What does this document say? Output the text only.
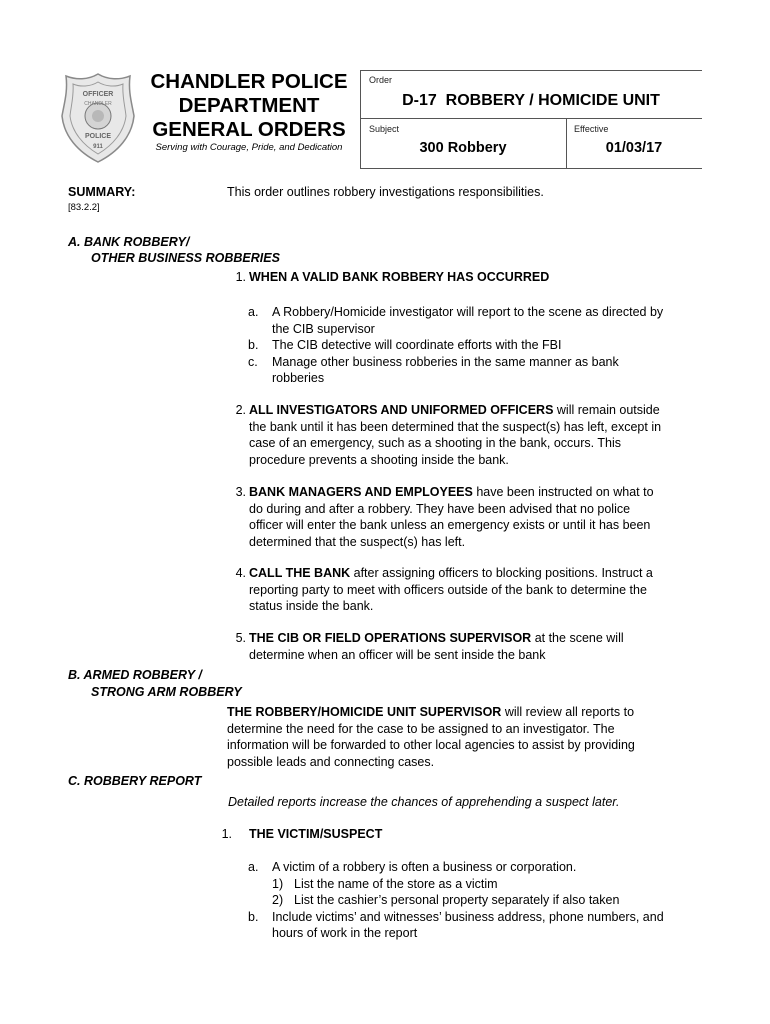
OFFICER
CHANDLER
POLICE
911
CHANDLER POLICE
DEPARTMENT
GENERAL ORDERS
Serving with Courage, Pride, and Dedication
Order
D-17  ROBBERY / HOMICIDE UNIT
Subject
300 Robbery
Effective
01/03/17
SUMMARY:
[83.2.2]
This order outlines robbery investigations responsibilities.
A. BANK ROBBERY/
OTHER BUSINESS ROBBERIES
1. WHEN A VALID BANK ROBBERY HAS OCCURRED
a. A Robbery/Homicide investigator will report to the scene as directed by
the CIB supervisor
b. The CIB detective will coordinate efforts with the FBI
c. Manage other business robberies in the same manner as bank
robberies
2. ALL INVESTIGATORS AND UNIFORMED OFFICERS will remain outside
the bank until it has been determined that the suspect(s) has left, except in
case of an emergency, such as a shooting in the bank, occurs. This
procedure prevents a shooting inside the bank.
3. BANK MANAGERS AND EMPLOYEES have been instructed on what to
do during and after a robbery. They have been advised that no police
officer will enter the bank unless an emergency exists or until it has been
determined that the suspect(s) has left.
4. CALL THE BANK after assigning officers to blocking positions. Instruct a
reporting party to meet with officers outside of the bank to determine the
status inside the bank.
5. THE CIB OR FIELD OPERATIONS SUPERVISOR at the scene will
determine when an officer will be sent inside the bank
B. ARMED ROBBERY /
STRONG ARM ROBBERY
THE ROBBERY/HOMICIDE UNIT SUPERVISOR will review all reports to
determine the need for the case to be assigned to an investigator. The
information will be forwarded to other local agencies to assist by providing
possible leads and connecting cases.
C. ROBBERY REPORT
Detailed reports increase the chances of apprehending a suspect later.
1. THE VICTIM/SUSPECT
a. A victim of a robbery is often a business or corporation.
1) List the name of the store as a victim
2) List the cashier’s personal property separately if also taken
b. Include victims’ and witnesses’ business address, phone numbers, and
hours of work in the report
